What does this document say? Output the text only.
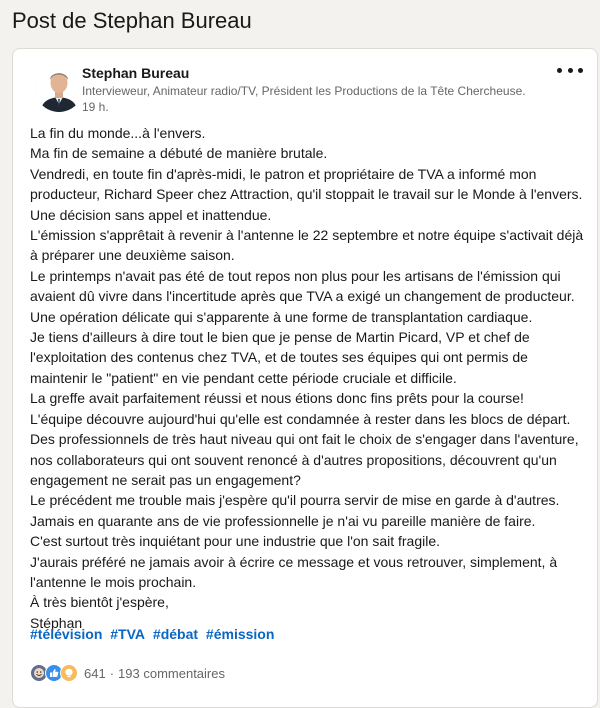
Post de Stephan Bureau
Stephan Bureau
Intervieweur, Animateur radio/TV, Président les Productions de la Tête Chercheuse.
19 h.
La fin du monde...à l'envers.
Ma fin de semaine a débuté de manière brutale.
Vendredi, en toute fin d'après-midi, le patron et propriétaire de TVA a informé mon
producteur, Richard Speer chez Attraction, qu'il stoppait le travail sur le Monde à l'envers.
Une décision sans appel et inattendue.
L'émission s'apprêtait à revenir à l'antenne le 22 septembre et notre équipe s'activait déjà
à préparer une deuxième saison.
Le printemps n'avait pas été de tout repos non plus pour les artisans de l'émission qui
avaient dû vivre dans l'incertitude après que TVA a exigé un changement de producteur.
Une opération délicate qui s'apparente à une forme de transplantation cardiaque.
Je tiens d'ailleurs à dire tout le bien que je pense de Martin Picard, VP et chef de
l'exploitation des contenus chez TVA, et de toutes ses équipes qui ont permis de
maintenir le "patient" en vie pendant cette période cruciale et difficile.
La greffe avait parfaitement réussi et nous étions donc fins prêts pour la course!
L'équipe découvre aujourd'hui qu'elle est condamnée à rester dans les blocs de départ.
Des professionnels de très haut niveau qui ont fait le choix de s'engager dans l'aventure,
nos collaborateurs qui ont souvent renoncé à d'autres propositions, découvrent qu'un
engagement ne serait pas un engagement?
Le précédent me trouble mais j'espère qu'il pourra servir de mise en garde à d'autres.
Jamais en quarante ans de vie professionnelle je n'ai vu pareille manière de faire.
C'est surtout très inquiétant pour une industrie que l'on sait fragile.
J'aurais préféré ne jamais avoir à écrire ce message et vous retrouver, simplement, à
l'antenne le mois prochain.
À très bientôt j'espère,
Stéphan
#télévision #TVA #débat #émission
641 · 193 commentaires
